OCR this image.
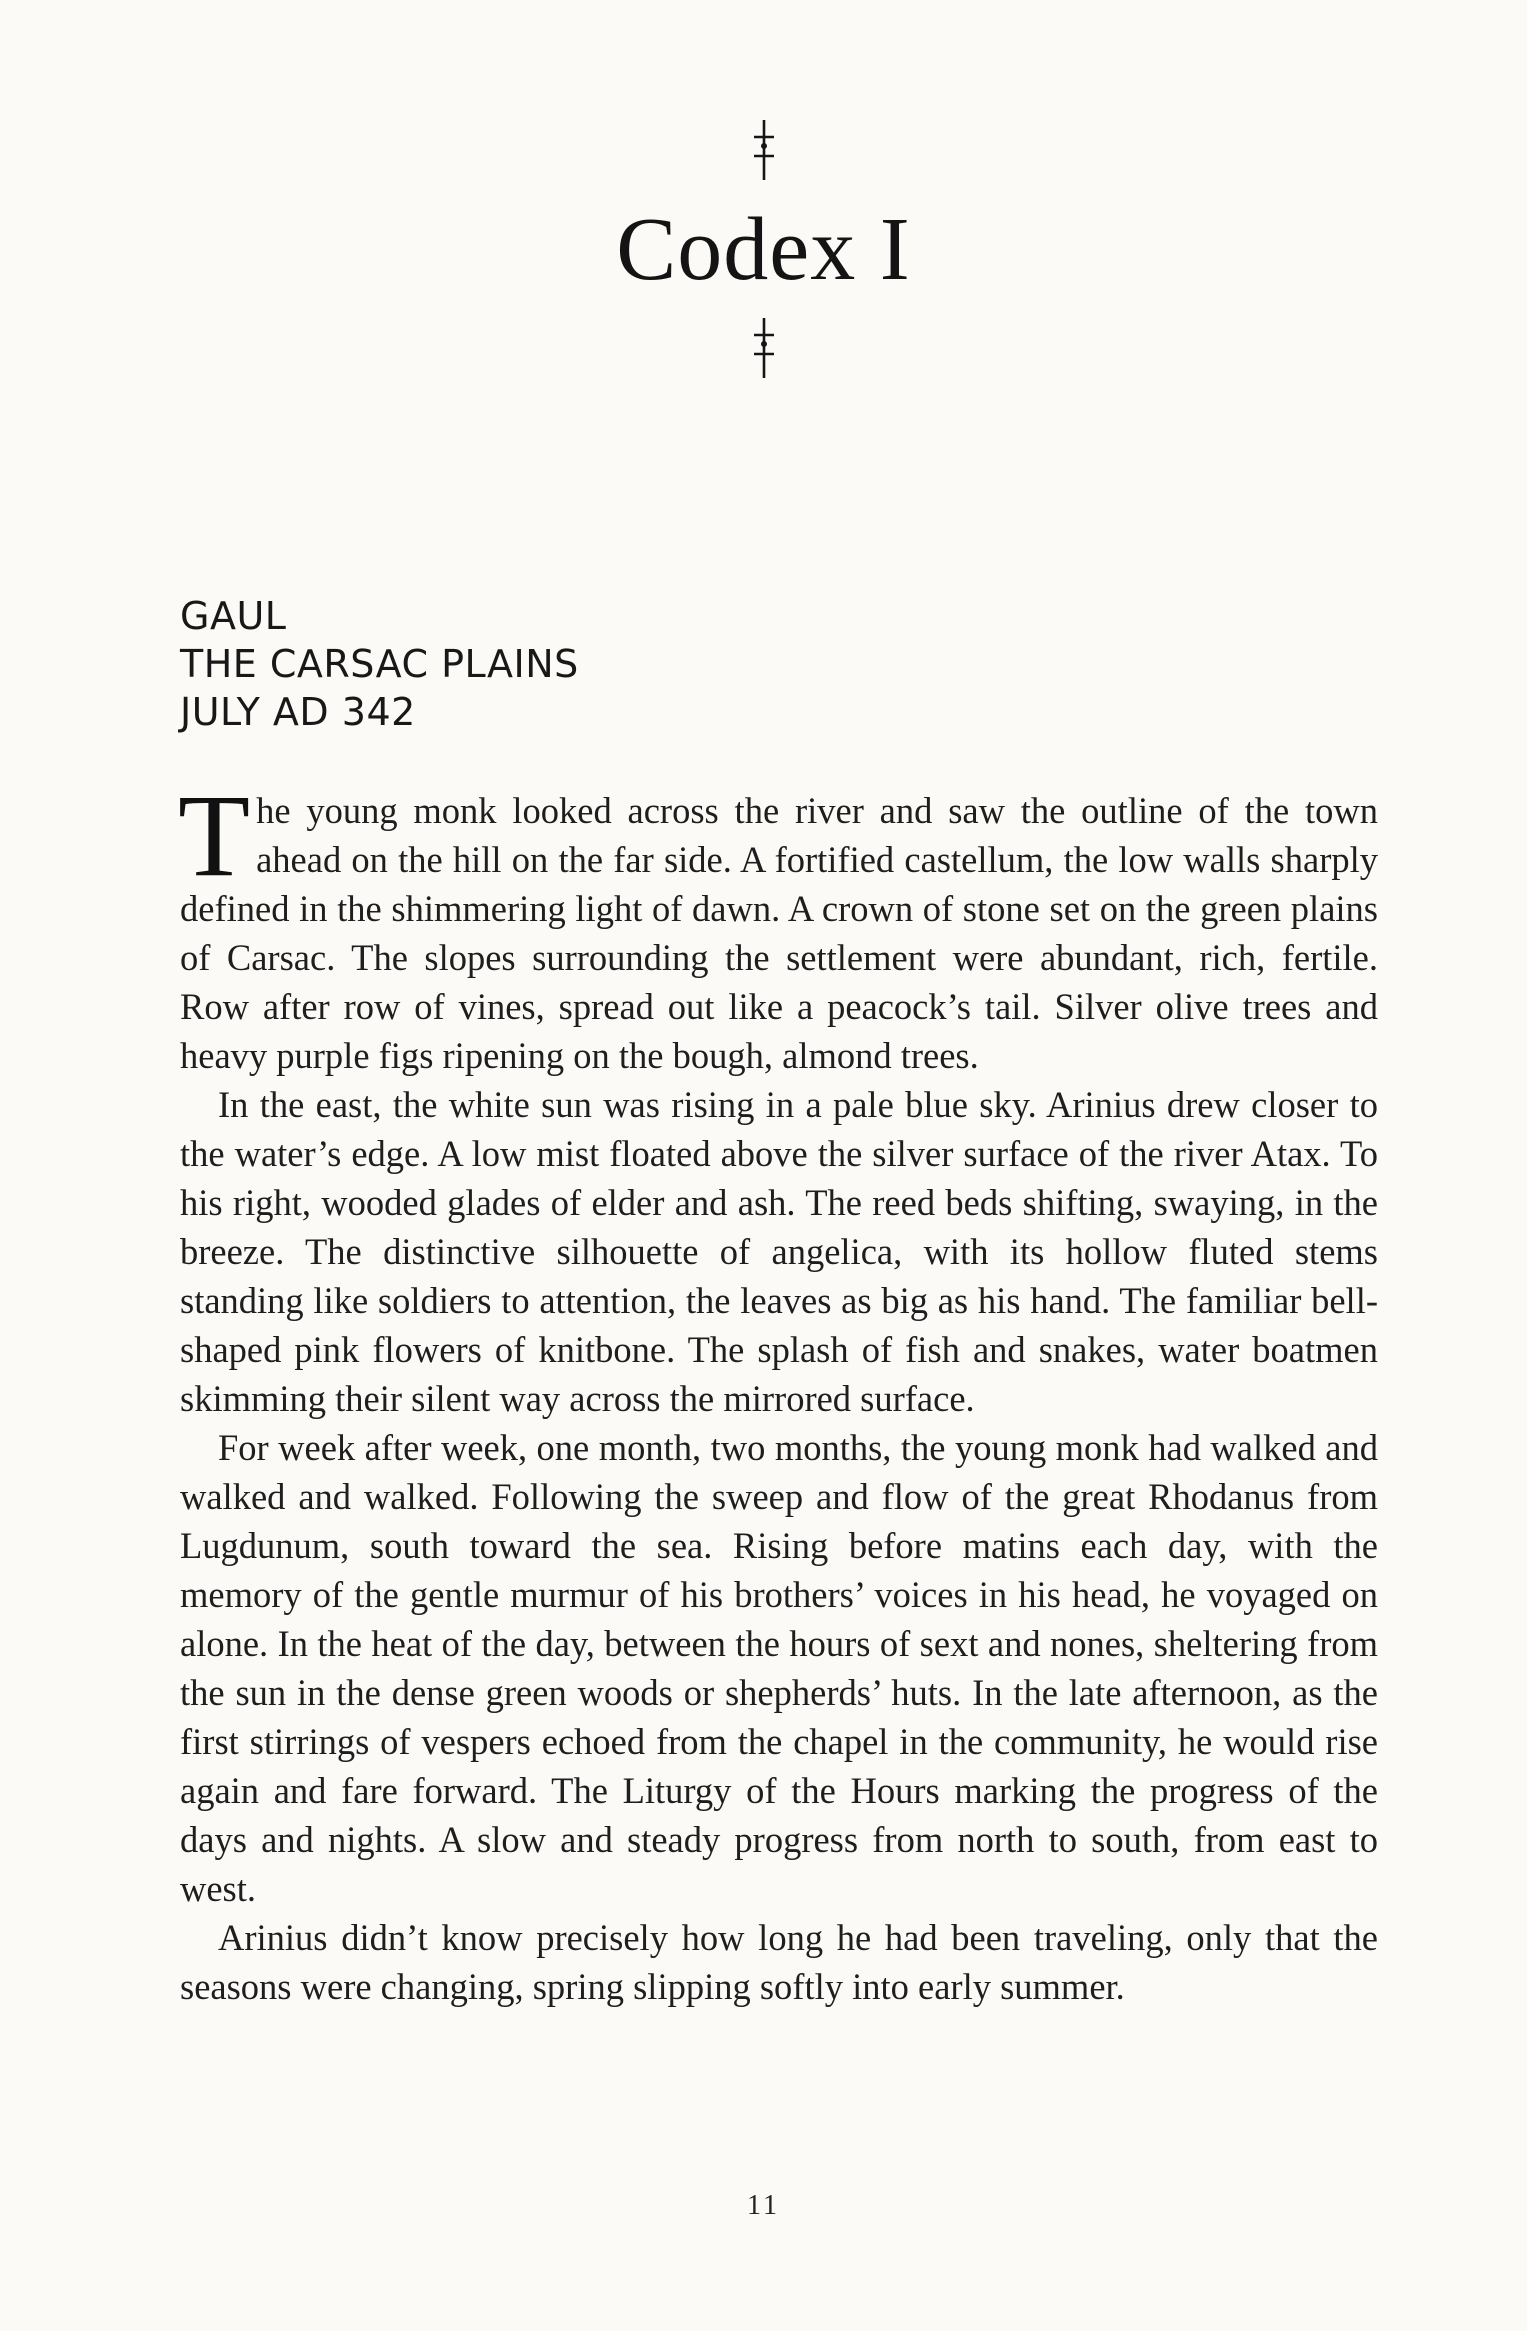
Codex I
GAUL
THE CARSAC PLAINS
JULY AD 342

The young monk looked across the river and saw the outline of the town ahead on the hill on the far side. A fortified castellum, the low walls sharply defined in the shimmering light of dawn. A crown of stone set on the green plains of Carsac. The slopes surrounding the settlement were abundant, rich, fertile. Row after row of vines, spread out like a peacock’s tail. Silver olive trees and heavy purple figs ripening on the bough, almond trees.

In the east, the white sun was rising in a pale blue sky. Arinius drew closer to the water’s edge. A low mist floated above the silver surface of the river Atax. To his right, wooded glades of elder and ash. The reed beds shifting, swaying, in the breeze. The distinctive silhouette of angelica, with its hollow fluted stems standing like soldiers to attention, the leaves as big as his hand. The familiar bell-shaped pink flowers of knitbone. The splash of fish and snakes, water boatmen skimming their silent way across the mirrored surface.

For week after week, one month, two months, the young monk had walked and walked and walked. Following the sweep and flow of the great Rhodanus from Lugdunum, south toward the sea. Rising before matins each day, with the memory of the gentle murmur of his brothers’ voices in his head, he voyaged on alone. In the heat of the day, between the hours of sext and nones, sheltering from the sun in the dense green woods or shepherds’ huts. In the late afternoon, as the first stirrings of vespers echoed from the chapel in the community, he would rise again and fare forward. The Liturgy of the Hours marking the progress of the days and nights. A slow and steady progress from north to south, from east to west.

Arinius didn’t know precisely how long he had been traveling, only that the seasons were changing, spring slipping softly into early summer.

11
